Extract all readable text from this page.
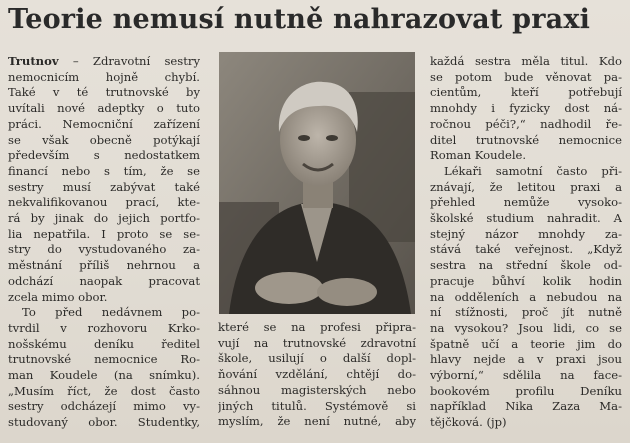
Teorie nemusí nutně nahrazovat praxi
Trutnov – Zdravotní sestry
nemocnicím hojně chybí.
Také v té trutnovské by
uvítali nové adeptky o tuto
práci. Nemocniční zařízení
se však obecně potýkají
především s nedostatkem
financí nebo s tím, že se
sestry musí zabývat také
nekvalifikovanou prací, kte-
rá by jinak do jejich portfo-
lia nepatřila. I proto se se-
stry do vystudovaného za-
městnání příliš nehrnou a
odchází naopak pracovat
zcela mimo obor.
To před nedávnem po-
tvrdil v rozhovoru Krko-
nošskému deníku ředitel
trutnovské nemocnice Ro-
man Koudele (na snímku).
„Musím říct, že dost často
sestry odcházejí mimo vy-
studovaný obor. Studentky,
které se na profesi připra-
vují na trutnovské zdravotní
škole, usilují o další dopl-
ňování vzdělání, chtějí do-
sáhnou magisterských nebo
jiných titulů. Systémově si
myslím, že není nutné, aby
každá sestra měla titul. Kdo
se potom bude věnovat pa-
cientům, kteří potřebují
mnohdy i fyzicky dost ná-
ročnou péči?,“ nadhodil ře-
ditel trutnovské nemocnice
Roman Koudele.
Lékaři samotní často při-
znávají, že letitou praxi a
přehled nemůže vysoko-
školské studium nahradit. A
stejný názor mnohdy za-
stává také veřejnost. „Když
sestra na střední škole od-
pracuje bůhví kolik hodin
na odděleních a nebudou na
ní stížnosti, proč jít nutně
na vysokou? Jsou lidi, co se
špatně učí a teorie jim do
hlavy nejde a v praxi jsou
výborní,“ sdělila na face-
bookovém profilu Deníku
například Nika Zaza Ma-
tějčková. (jp)
